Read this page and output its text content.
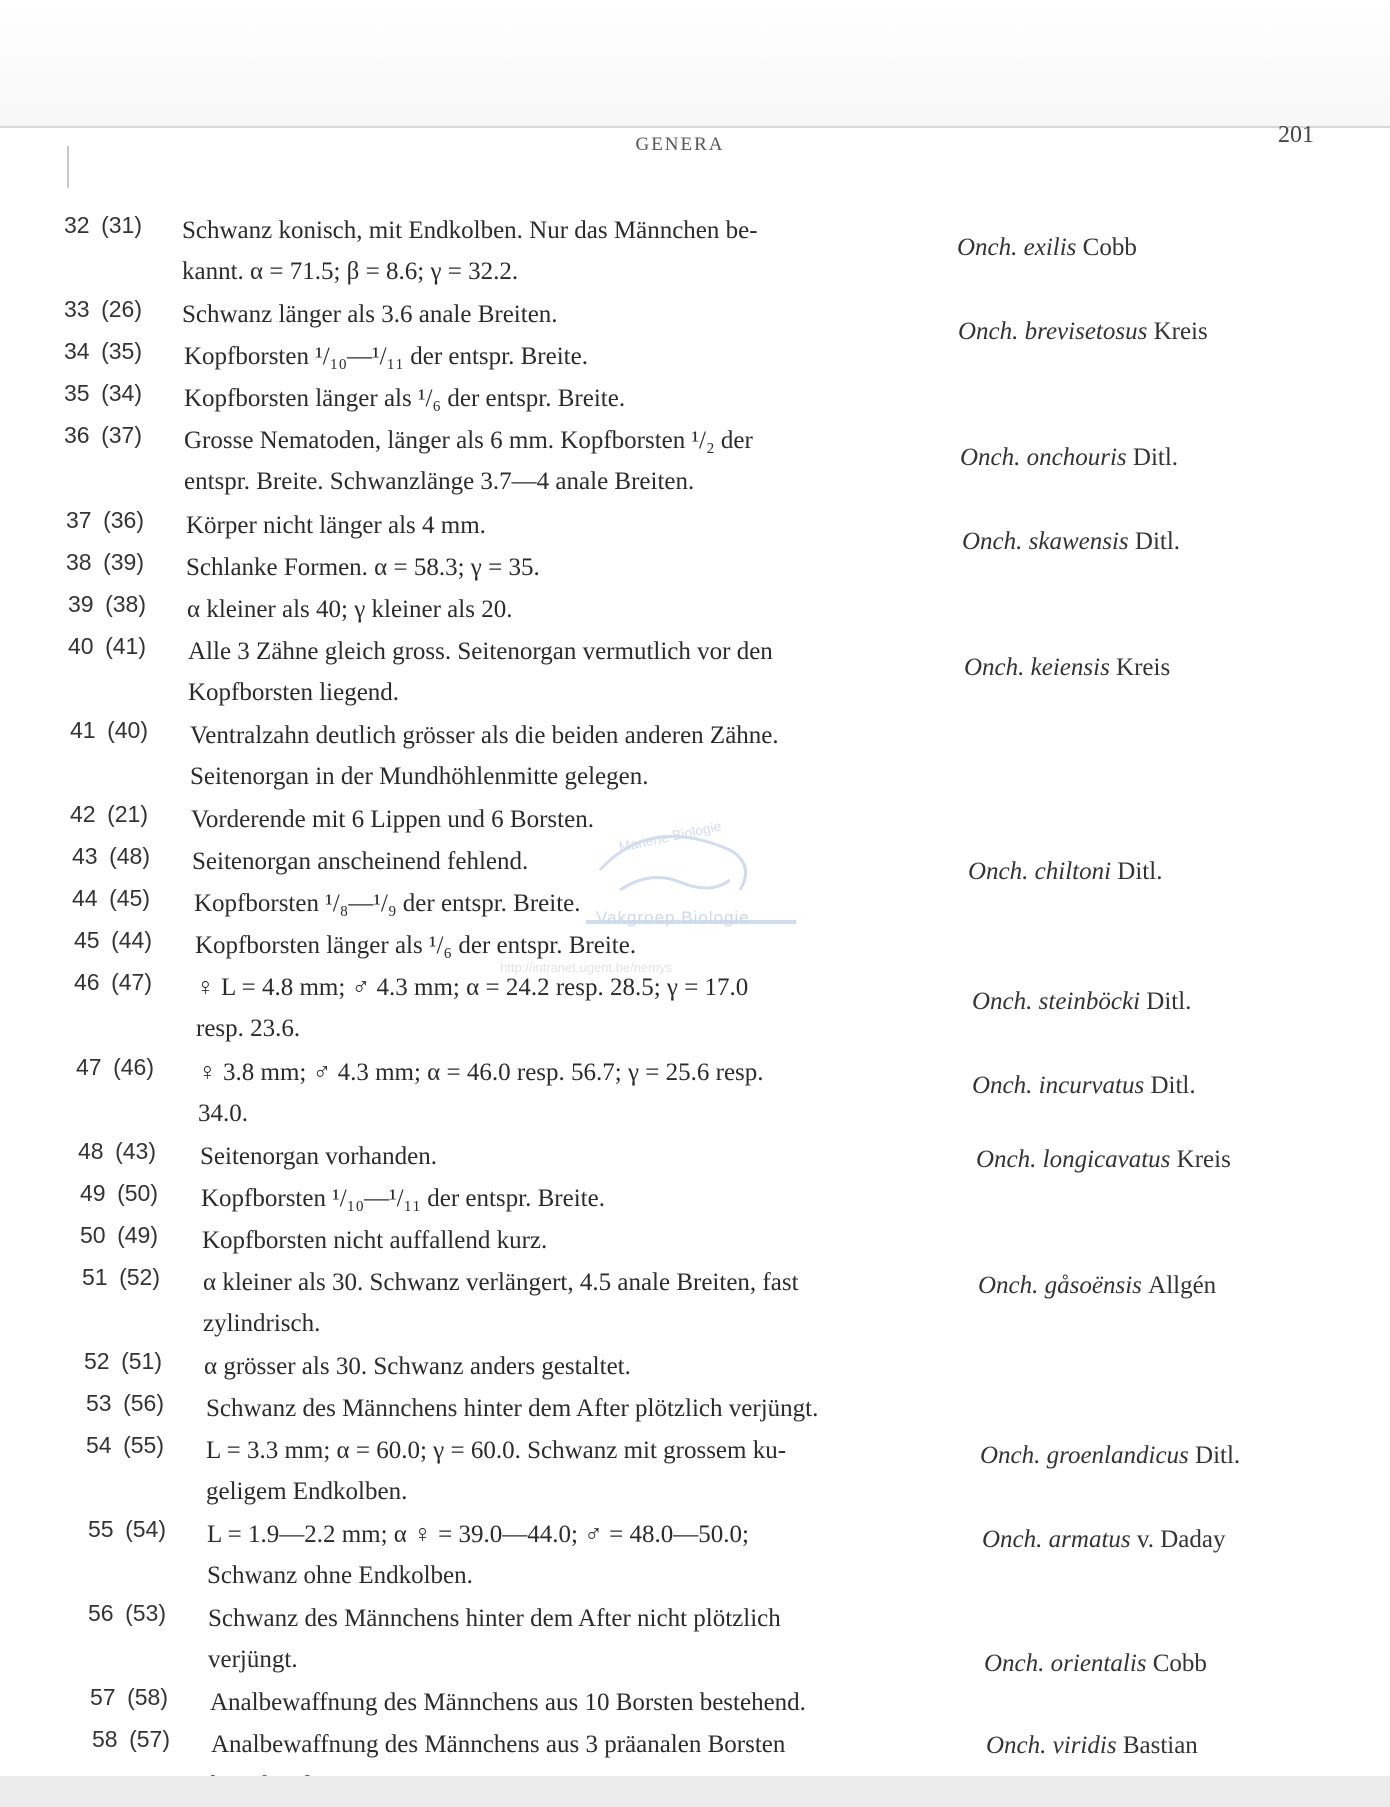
GENERA	201
Mariene Biologie
Vakgroep Biologie
http://intranet.ugent.be/nemys
32 (31) Schwanz konisch, mit Endkolben. Nur das Männchen be-
kannt. α = 71.5; β = 8.6; γ = 32.2.
Onch. exilis Cobb
33 (26) Schwanz länger als 3.6 anale Breiten.
34 (35) Kopfborsten ¹/₁₀—¹/₁₁ der entspr. Breite.
Onch. brevisetosus Kreis
35 (34) Kopfborsten länger als ¹/₆ der entspr. Breite.
36 (37) Grosse Nematoden, länger als 6 mm. Kopfborsten ¹/₂ der
entspr. Breite. Schwanzlänge 3.7—4 anale Breiten.
Onch. onchouris Ditl.
37 (36) Körper nicht länger als 4 mm.
38 (39) Schlanke Formen. α = 58.3; γ = 35.
Onch. skawensis Ditl.
39 (38) α kleiner als 40; γ kleiner als 20.
40 (41) Alle 3 Zähne gleich gross. Seitenorgan vermutlich vor den
Kopfborsten liegend.
Onch. keiensis Kreis
41 (40) Ventralzahn deutlich grösser als die beiden anderen Zähne.
Seitenorgan in der Mundhöhlenmitte gelegen.
42 (21) Vorderende mit 6 Lippen und 6 Borsten.
43 (48) Seitenorgan anscheinend fehlend.
44 (45) Kopfborsten ¹/₈—¹/₉ der entspr. Breite.
Onch. chiltoni Ditl.
45 (44) Kopfborsten länger als ¹/₆ der entspr. Breite.
46 (47) ♀ L = 4.8 mm; ♂ 4.3 mm; α = 24.2 resp. 28.5; γ = 17.0
resp. 23.6.
Onch. steinböcki Ditl.
47 (46) ♀ 3.8 mm; ♂ 4.3 mm; α = 46.0 resp. 56.7; γ = 25.6 resp.
34.0.
Onch. incurvatus Ditl.
48 (43) Seitenorgan vorhanden.
49 (50) Kopfborsten ¹/₁₀—¹/₁₁ der entspr. Breite.
Onch. longicavatus Kreis
50 (49) Kopfborsten nicht auffallend kurz.
51 (52) α kleiner als 30. Schwanz verlängert, 4.5 anale Breiten, fast
zylindrisch.
Onch. gåsoënsis Allgén
52 (51) α grösser als 30. Schwanz anders gestaltet.
53 (56) Schwanz des Männchens hinter dem After plötzlich verjüngt.
54 (55) L = 3.3 mm; α = 60.0; γ = 60.0. Schwanz mit grossem ku-
geligem Endkolben.
Onch. groenlandicus Ditl.
55 (54) L = 1.9—2.2 mm; α ♀ = 39.0—44.0; ♂ = 48.0—50.0;
Schwanz ohne Endkolben.
Onch. armatus v. Daday
56 (53) Schwanz des Männchens hinter dem After nicht plötzlich
verjüngt.
57 (58) Analbewaffnung des Männchens aus 10 Borsten bestehend.
Onch. orientalis Cobb
58 (57) Analbewaffnung des Männchens aus 3 präanalen Borsten	Onch. viridis Bastian
